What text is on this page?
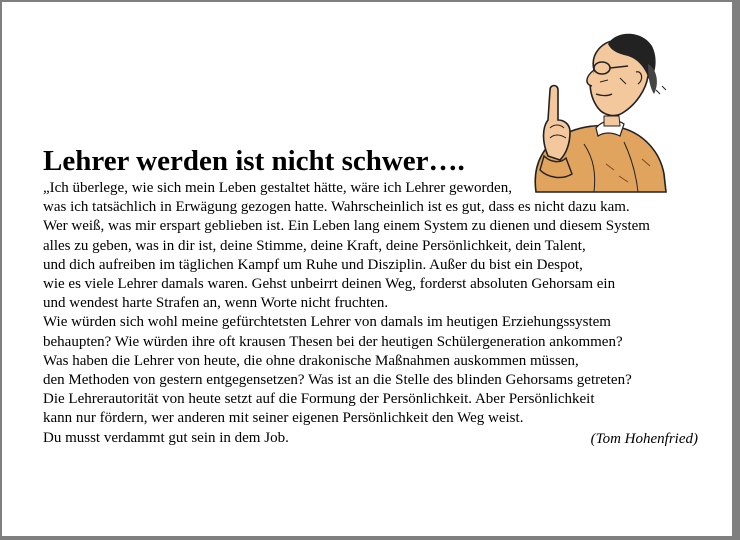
Lehrer werden ist nicht schwer….
„Ich überlege, wie sich mein Leben gestaltet hätte, wäre ich Lehrer geworden,
was ich tatsächlich in Erwägung gezogen hatte. Wahrscheinlich ist es gut, dass es nicht dazu kam.
Wer weiß, was mir erspart geblieben ist. Ein Leben lang einem System zu dienen und diesem System
alles zu geben, was in dir ist, deine Stimme, deine Kraft, deine Persönlichkeit, dein Talent,
und dich aufreiben im täglichen Kampf um Ruhe und Disziplin. Außer du bist ein Despot,
wie es viele Lehrer damals waren. Gehst unbeirrt deinen Weg, forderst absoluten Gehorsam ein
und wendest harte Strafen an, wenn Worte nicht fruchten.
Wie würden sich wohl meine gefürchtetsten Lehrer von damals im heutigen Erziehungssystem
behaupten? Wie würden ihre oft krausen Thesen bei der heutigen Schülergeneration ankommen?
Was haben die Lehrer von heute, die ohne drakonische Maßnahmen auskommen müssen,
den Methoden von gestern entgegensetzen? Was ist an die Stelle des blinden Gehorsams getreten?
Die Lehrerautorität von heute setzt auf die Formung der Persönlichkeit. Aber Persönlichkeit
kann nur fördern, wer anderen mit seiner eigenen Persönlichkeit den Weg weist.
Du musst verdammt gut sein in dem Job.	(Tom Hohenfried)
